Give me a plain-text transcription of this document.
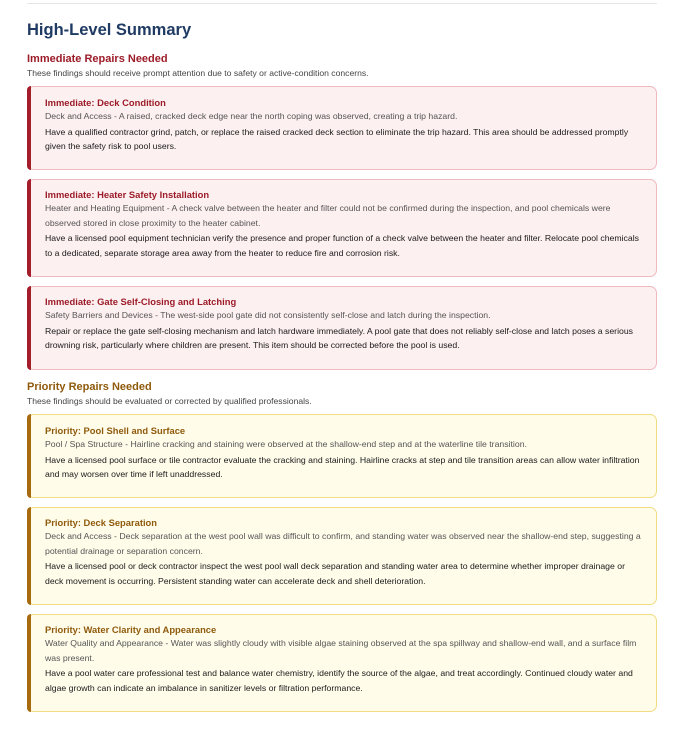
High-Level Summary

Immediate Repairs Needed

These findings should receive prompt attention due to safety or active-condition concerns.

Immediate: Deck Condition

Deck and Access - A raised, cracked deck edge near the north coping was observed, creating a trip hazard.

Have a qualified contractor grind, patch, or replace the raised cracked deck section to eliminate the trip hazard. This area should be addressed promptly given the safety risk to pool users.

Immediate: Heater Safety Installation

Heater and Heating Equipment - A check valve between the heater and filter could not be confirmed during the inspection, and pool chemicals were observed stored in close proximity to the heater cabinet.

Have a licensed pool equipment technician verify the presence and proper function of a check valve between the heater and filter. Relocate pool chemicals to a dedicated, separate storage area away from the heater to reduce fire and corrosion risk.

Immediate: Gate Self-Closing and Latching

Safety Barriers and Devices - The west-side pool gate did not consistently self-close and latch during the inspection.

Repair or replace the gate self-closing mechanism and latch hardware immediately. A pool gate that does not reliably self-close and latch poses a serious drowning risk, particularly where children are present. This item should be corrected before the pool is used.

Priority Repairs Needed

These findings should be evaluated or corrected by qualified professionals.

Priority: Pool Shell and Surface

Pool / Spa Structure - Hairline cracking and staining were observed at the shallow-end step and at the waterline tile transition.

Have a licensed pool surface or tile contractor evaluate the cracking and staining. Hairline cracks at step and tile transition areas can allow water infiltration and may worsen over time if left unaddressed.

Priority: Deck Separation

Deck and Access - Deck separation at the west pool wall was difficult to confirm, and standing water was observed near the shallow-end step, suggesting a potential drainage or separation concern.

Have a licensed pool or deck contractor inspect the west pool wall deck separation and standing water area to determine whether improper drainage or deck movement is occurring. Persistent standing water can accelerate deck and shell deterioration.

Priority: Water Clarity and Appearance

Water Quality and Appearance - Water was slightly cloudy with visible algae staining observed at the spa spillway and shallow-end wall, and a surface film was present.

Have a pool water care professional test and balance water chemistry, identify the source of the algae, and treat accordingly. Continued cloudy water and algae growth can indicate an imbalance in sanitizer levels or filtration performance.
